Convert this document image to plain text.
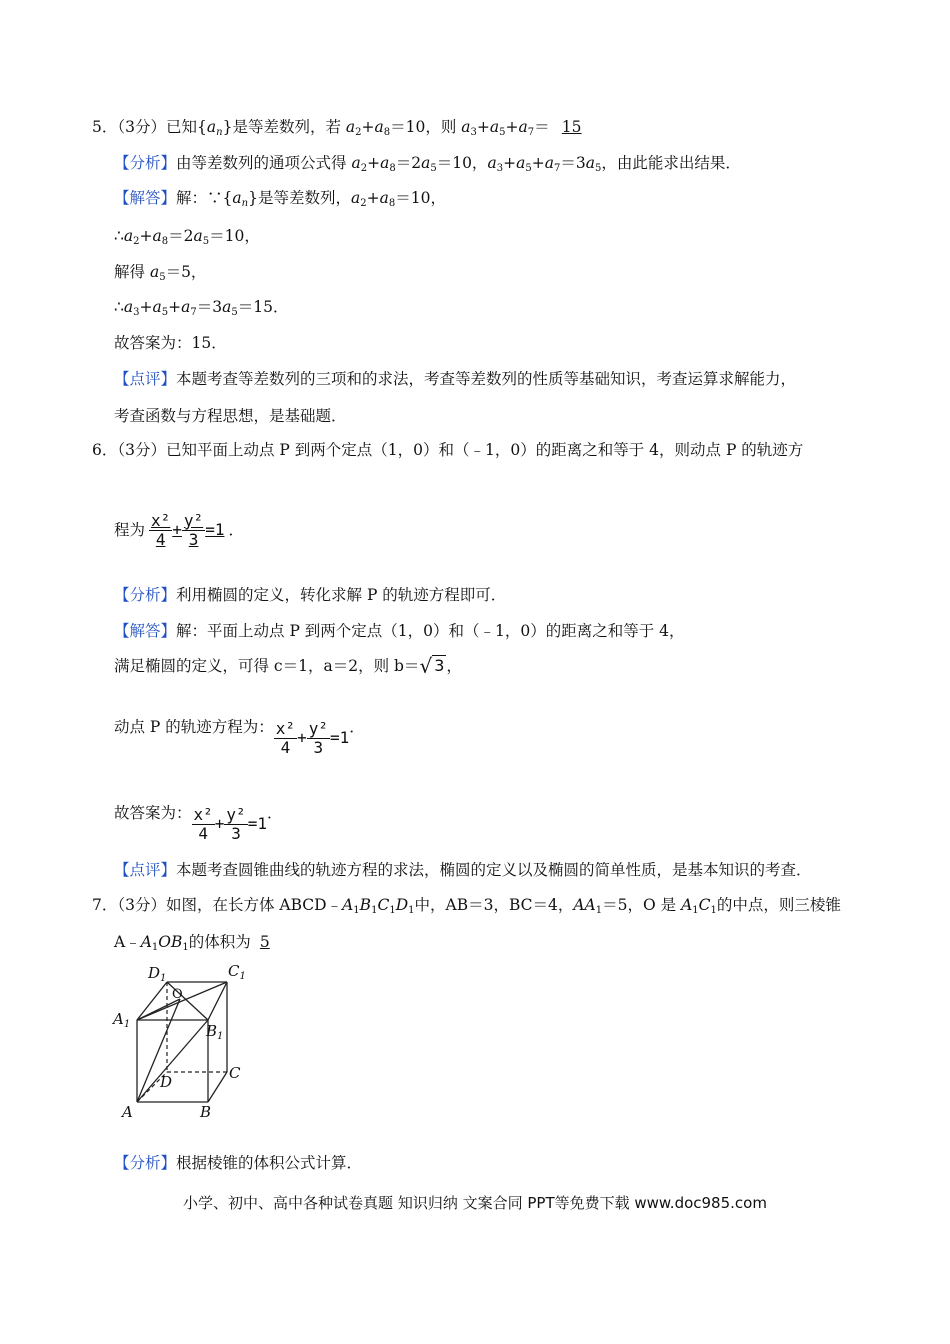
5．（3分）已知$\{a_n\}$是等差数列，若 $a_2+a_8=10$，则 $a_3+a_5+a_7= 15$
【分析】由等差数列的通项公式得 $a_2+a_8=2a_5=10$，$a_3+a_5+a_7=3a_5$，由此能求出结果．
【解答】解：$\because\{a_n\}$是等差数列，$a_2+a_8=10$，
$\therefore a_2+a_8=2a_5=10$，
解得 $a_5=5$，
$\therefore a_3+a_5+a_7=3a_5=15$．
故答案为：15．
【点评】本题考查等差数列的三项和的求法，考查等差数列的性质等基础知识，考查运算求解能力，
考查函数与方程思想，是基础题．
6．（3分）已知平面上动点 P 到两个定点（1，0）和（﹣1，0）的距离之和等于 4，则动点 P 的轨迹方
程为 $\frac{\text{x²}}{4} + \frac{\text{y²}}{3} =1$ ．
【分析】利用椭圆的定义，转化求解 P 的轨迹方程即可．
【解答】解：平面上动点 P 到两个定点（1，0）和（﹣1，0）的距离之和等于 4，
满足椭圆的定义，可得 c＝1，a＝2，则 b＝ √ 3 ，
动点 P 的轨迹方程为： $\frac{\text{x²}}{4} + \frac{\text{y²}}{3} =1$
．
故答案为： $\frac{\text{x²}}{4} + \frac{\text{y²}}{3} =1$
．
【点评】本题考查圆锥曲线的轨迹方程的求法，椭圆的定义以及椭圆的简单性质，是基本知识的考查．
7．（3分）如图，在长方体 $ABCD﹣A_1B_1C_1D_1$中，AB＝3，BC＝4，$AA_1=5$，O 是 $A_1C_1$的中点，则三棱锥
$A﹣A_1OB_1$的体积为 5
$D_1$	$C_1$
$A_1$	$B_1$
O
D	C
A	B
【分析】根据棱锥的体积公式计算．
小学、初中、高中各种试卷真题 知识归纳 文案合同 PPT等免费下载 www.doc985.com
